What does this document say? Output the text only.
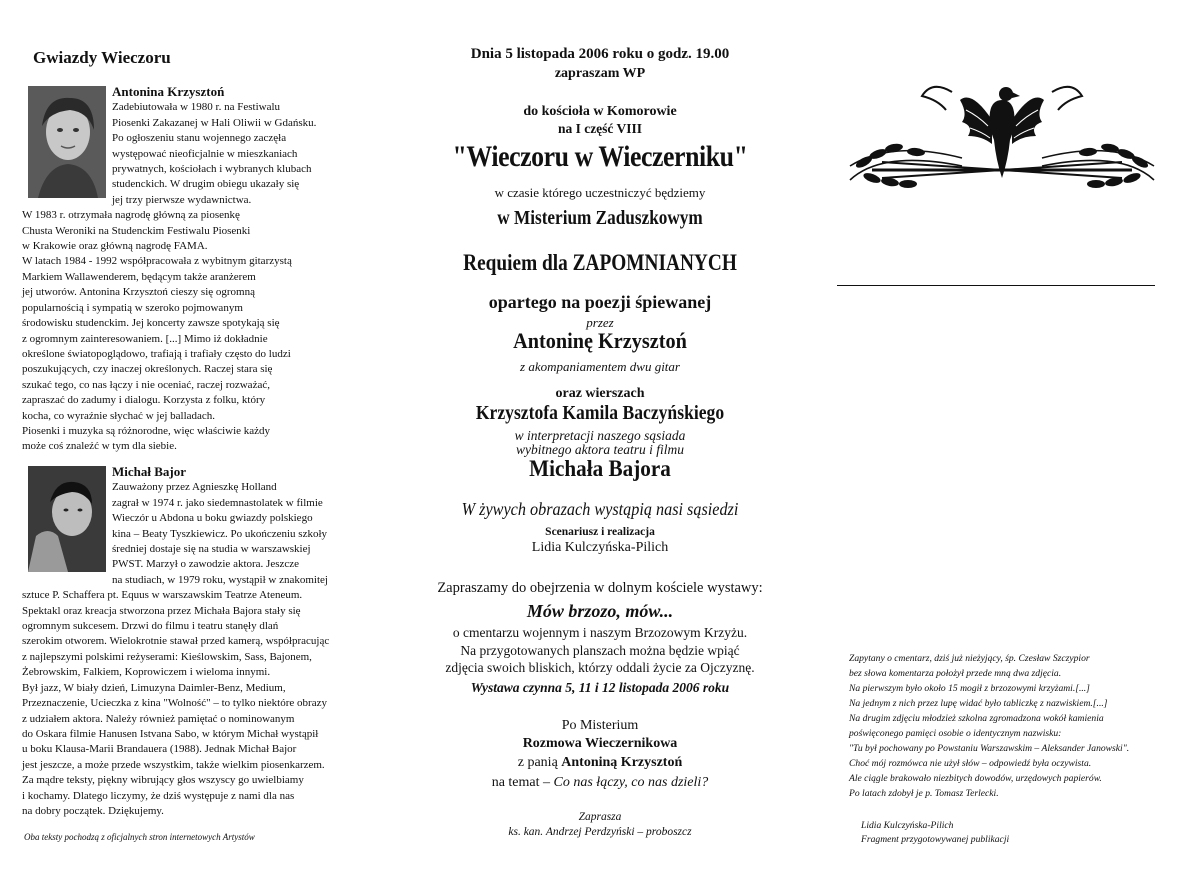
Gwiazdy Wieczoru
Antonina Krzysztoń
Zadebiutowała w 1980 r. na Festiwalu
Piosenki Zakazanej w Hali Oliwii w Gdańsku.
Po ogłoszeniu stanu wojennego zaczęła
występować nieoficjalnie w mieszkaniach
prywatnych, kościołach i wybranych klubach
studenckich. W drugim obiegu ukazały się
jej trzy pierwsze wydawnictwa.
W 1983 r. otrzymała nagrodę główną za piosenkę
Chusta Weroniki na Studenckim Festiwalu Piosenki
w Krakowie oraz główną nagrodę FAMA.
W latach 1984 - 1992 współpracowała z wybitnym gitarzystą
Markiem Wallawenderem, będącym także aranżerem
jej utworów. Antonina Krzysztoń cieszy się ogromną
popularnością i sympatią w szeroko pojmowanym
środowisku studenckim. Jej koncerty zawsze spotykają się
z ogromnym zainteresowaniem. [...] Mimo iż dokładnie
określone światopoglądowo, trafiają i trafiały często do ludzi
poszukujących, czy inaczej określonych. Raczej stara się
szukać tego, co nas łączy i nie oceniać, raczej rozważać,
zapraszać do zadumy i dialogu. Korzysta z folku, który
kocha, co wyraźnie słychać w jej balladach.
Piosenki i muzyka są różnorodne, więc właściwie każdy
może coś znaleźć w tym dla siebie.
Michał Bajor
Zauważony przez Agnieszkę Holland
zagrał w 1974 r. jako siedemnastolatek w filmie
Wieczór u Abdona u boku gwiazdy polskiego
kina – Beaty Tyszkiewicz. Po ukończeniu szkoły
średniej dostaje się na studia w warszawskiej
PWST. Marzył o zawodzie aktora. Jeszcze
na studiach, w 1979 roku, wystąpił w znakomitej
sztuce P. Schaffera pt. Equus w warszawskim Teatrze Ateneum.
Spektakl oraz kreacja stworzona przez Michała Bajora stały się
ogromnym sukcesem. Drzwi do filmu i teatru stanęły dlań
szerokim otworem. Wielokrotnie stawał przed kamerą, współpracując
z najlepszymi polskimi reżyserami: Kieślowskim, Sass, Bajonem,
Żebrowskim, Falkiem, Koprowiczem i wieloma innymi.
Był jazz, W biały dzień, Limuzyna Daimler-Benz, Medium,
Przeznaczenie, Ucieczka z kina "Wolność" – to tylko niektóre obrazy
z udziałem aktora. Należy również pamiętać o nominowanym
do Oskara filmie Hanusen Istvana Sabo, w którym Michał wystąpił
u boku Klausa-Marii Brandauera (1988). Jednak Michał Bajor
jest jeszcze, a może przede wszystkim, także wielkim piosenkarzem.
Za mądre teksty, piękny wibrujący głos wszyscy go uwielbiamy
i kochamy. Dlatego liczymy, że dziś występuje z nami dla nas
na dobry początek. Dziękujemy.
Oba teksty pochodzą z oficjalnych stron internetowych Artystów

Dnia 5 listopada 2006 roku o godz. 19.00

zapraszam WP

do kościoła w Komorowie

na I część VIII

"Wieczoru w Wieczerniku"

w czasie którego uczestniczyć będziemy

w Misterium Zaduszkowym

Requiem dla ZAPOMNIANYCH

opartego na poezji śpiewanej

przez

Antoninę Krzysztoń

z akompaniamentem dwu gitar

oraz wierszach

Krzysztofa Kamila Baczyńskiego

w interpretacji naszego sąsiada

wybitnego aktora teatru i filmu

Michała Bajora

W żywych obrazach wystąpią nasi sąsiedzi

Scenariusz i realizacja

Lidia Kulczyńska-Pilich

Zapraszamy do obejrzenia w dolnym kościele wystawy:

Mów brzozo, mów...

o cmentarzu wojennym i naszym Brzozowym Krzyżu.

Na przygotowanych planszach można będzie wpiąć

zdjęcia swoich bliskich, którzy oddali życie za Ojczyznę.

Wystawa czynna 5, 11 i 12 listopada 2006 roku

Po Misterium

Rozmowa Wieczernikowa

z panią Antoniną Krzysztoń

na temat – Co nas łączy, co nas dzieli?

Zaprasza

ks. kan. Andrzej Perdzyński – proboszcz

Zapytany o cmentarz, dziś już nieżyjący, śp. Czesław Szczypior
bez słowa komentarza położył przede mną dwa zdjęcia.
Na pierwszym było około 15 mogił z brzozowymi krzyżami.[...]
Na jednym z nich przez lupę widać było tabliczkę z nazwiskiem.[...]
Na drugim zdjęciu młodzież szkolna zgromadzona wokół kamienia
poświęconego pamięci osobie o identycznym nazwisku:
"Tu był pochowany po Powstaniu Warszawskim – Aleksander Janowski".
Choć mój rozmówca nie użył słów – odpowiedź była oczywista.
Ale ciągle brakowało niezbitych dowodów, urzędowych papierów.
Po latach zdobył je p. Tomasz Terlecki.
Lidia Kulczyńska-Pilich
Fragment przygotowywanej publikacji
